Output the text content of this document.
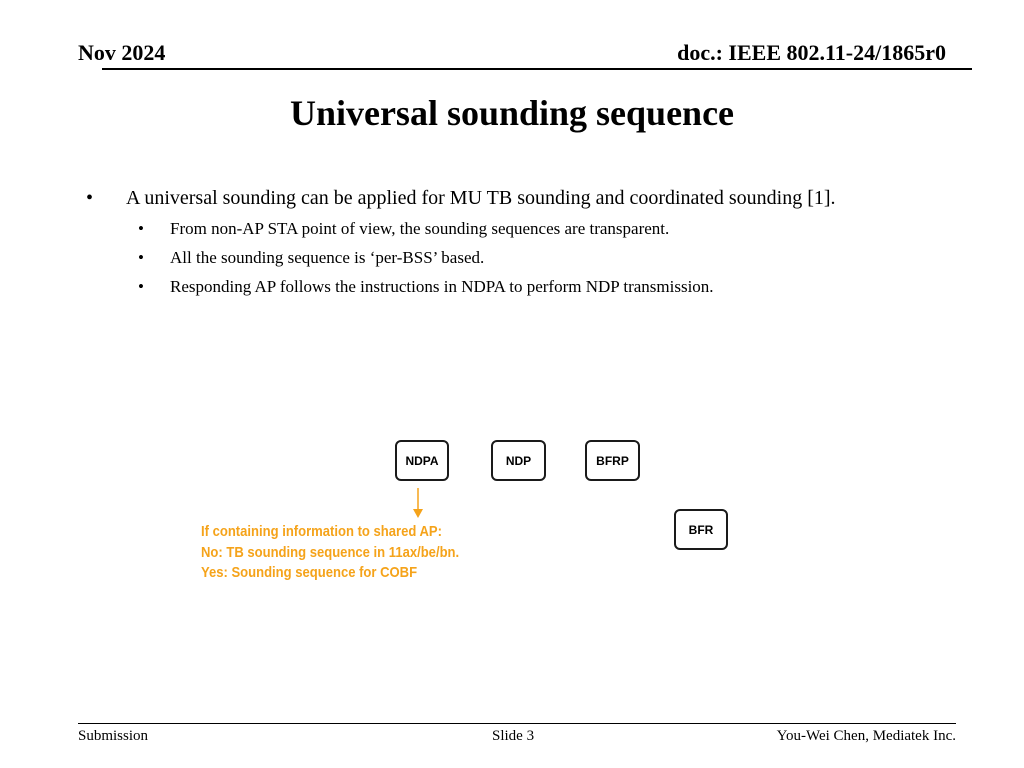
Nov 2024	doc.: IEEE 802.11-24/1865r0
Universal sounding sequence
• A universal sounding can be applied for MU TB sounding and coordinated sounding [1].
• From non-AP STA point of view, the sounding sequences are transparent.
• All the sounding sequence is ‘per-BSS’ based.
• Responding AP follows the instructions in NDPA to perform NDP transmission.
NDPA	NDP	BFRP
BFR
If containing information to shared AP:
No: TB sounding sequence in 11ax/be/bn.
Yes: Sounding sequence for COBF
Submission	Slide 3	You-Wei Chen, Mediatek Inc.
